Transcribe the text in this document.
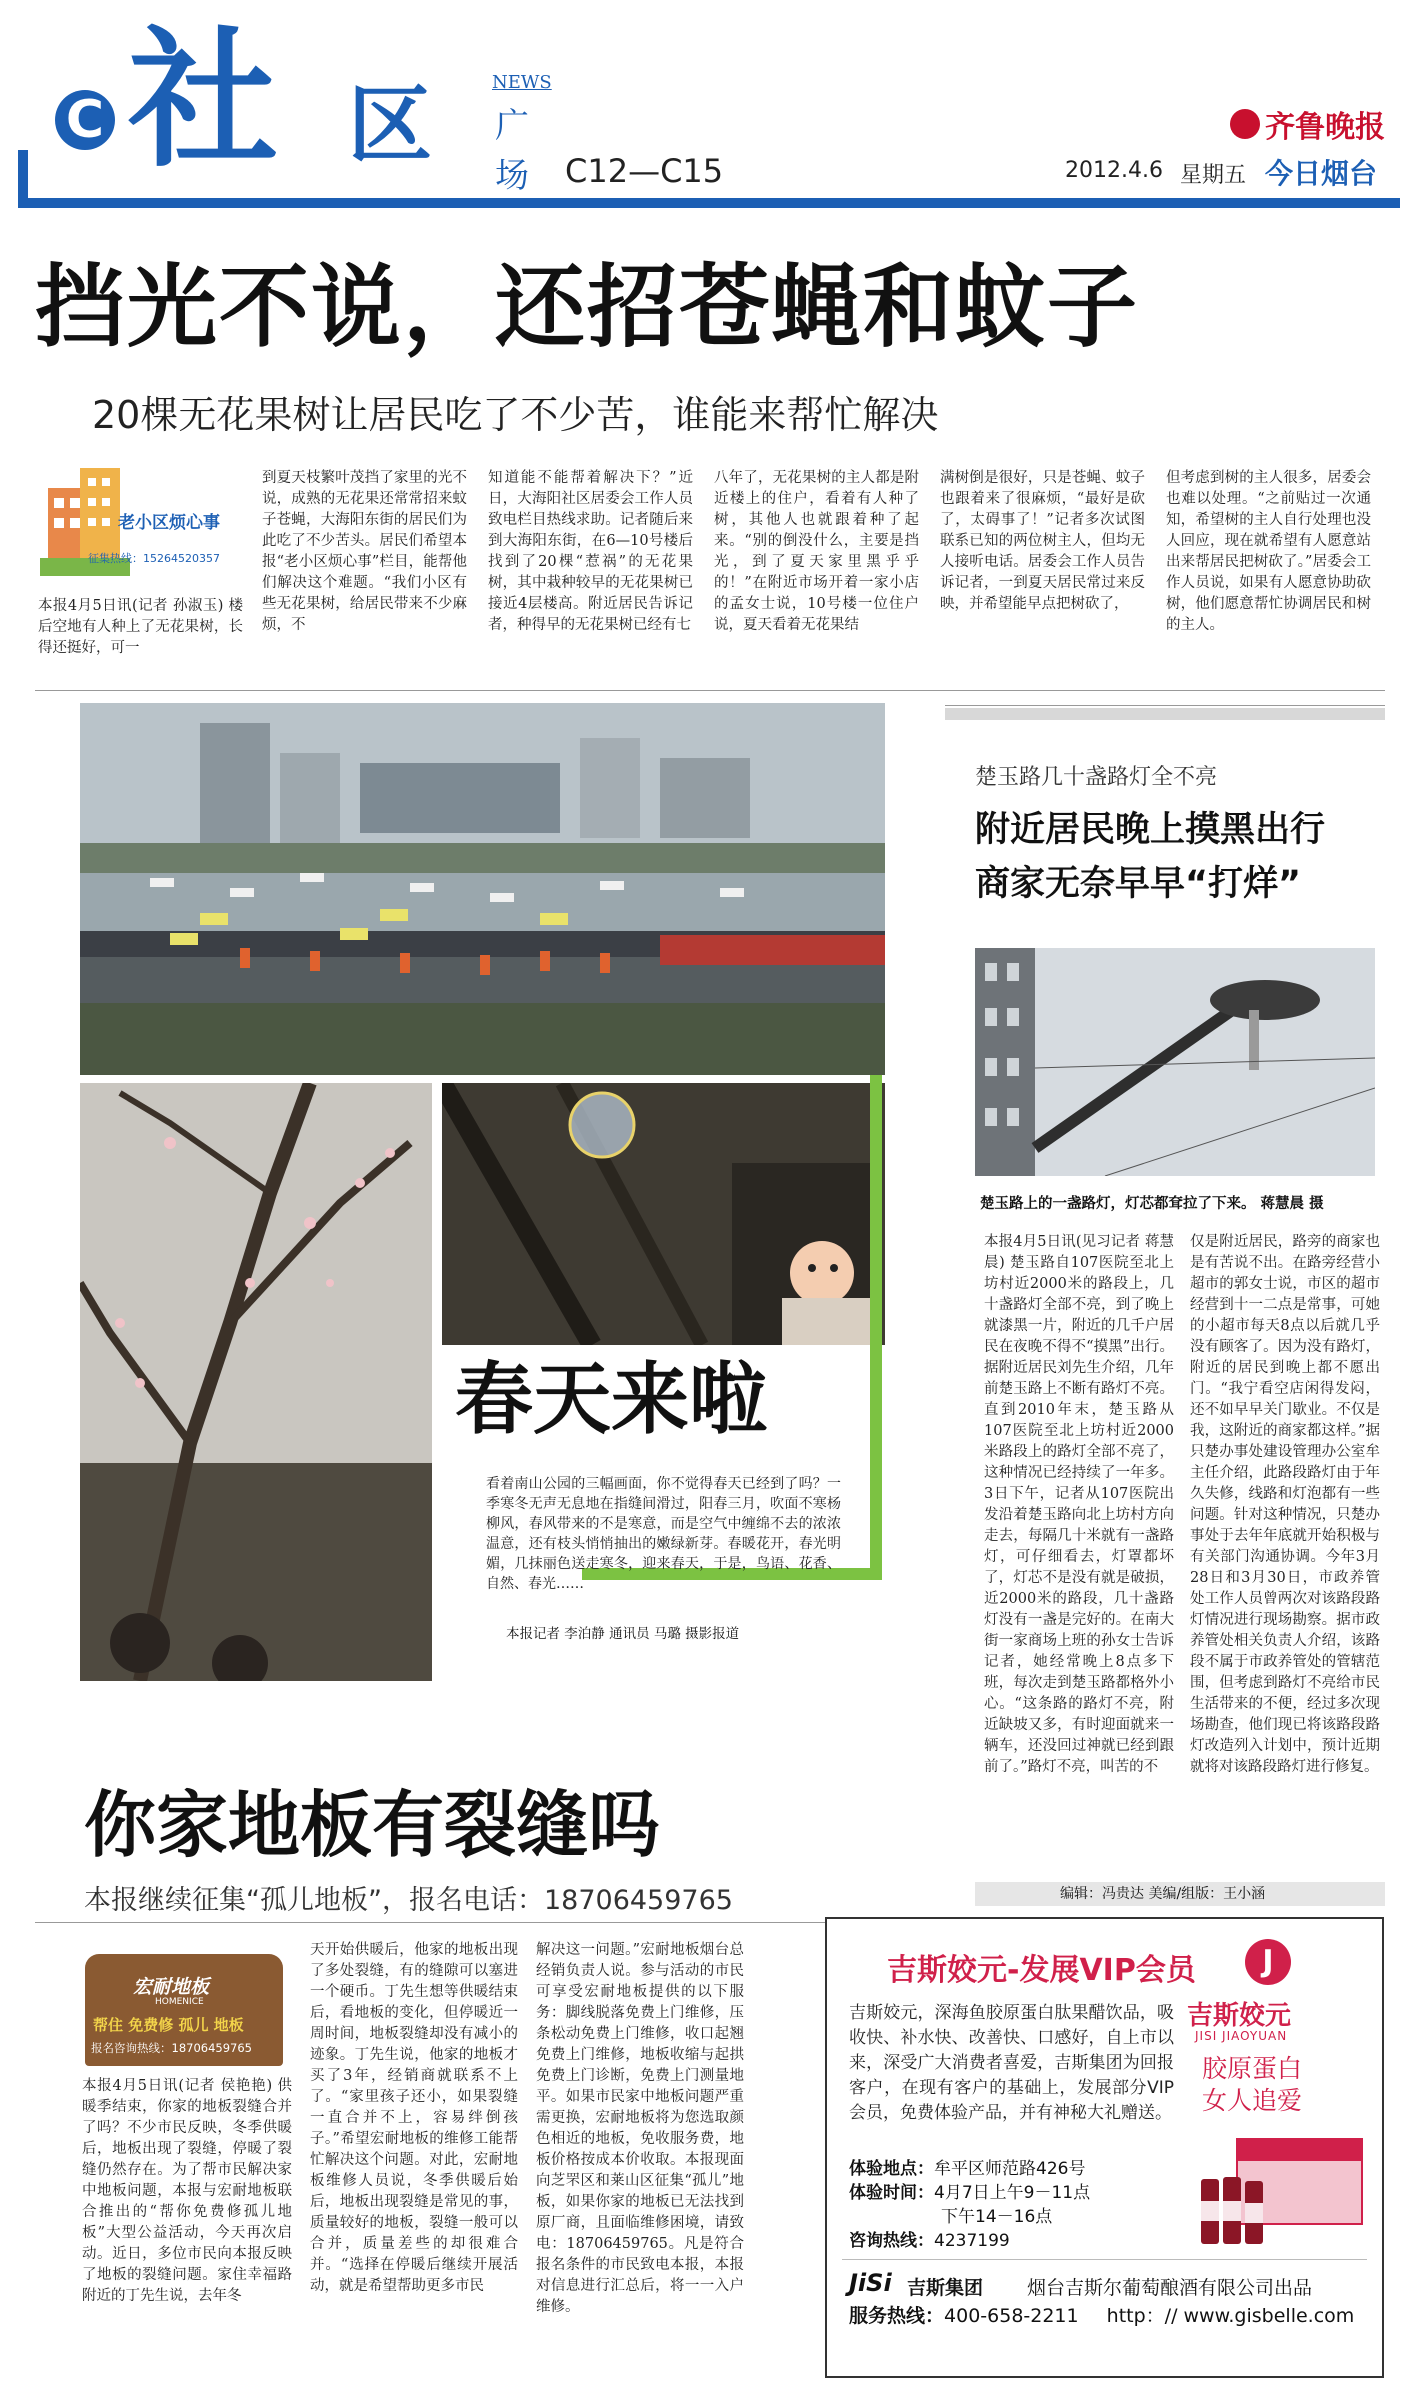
C 社 区	NEWS
广
场 C12—C15
齐鲁晚报
2012.4.6 星期五 今日烟台
挡光不说，还招苍蝇和蚊子
20棵无花果树让居民吃了不少苦，谁能来帮忙解决
老小区烦心事
征集热线：15264520357
本报4月5日讯(记者 孙淑玉) 楼后空地有人种上了无花果树，长得还挺好，可一
到夏天枝繁叶茂挡了家里的光不说，成熟的无花果还常常招来蚊子苍蝇，大海阳东街的居民们为此吃了不少苦头。居民们希望本报“老小区烦心事”栏目，能帮他们解决这个难题。“我们小区有些无花果树，给居民带来不少麻烦，不
知道能不能帮着解决下？”近日，大海阳社区居委会工作人员致电栏目热线求助。记者随后来到大海阳东街，在6—10号楼后找到了20棵“惹祸”的无花果树，其中栽种较早的无花果树已接近4层楼高。附近居民告诉记者，种得早的无花果树已经有七
八年了，无花果树的主人都是附近楼上的住户，看着有人种了树，其他人也就跟着种了起来。“别的倒没什么，主要是挡光，到了夏天家里黑乎乎的！”在附近市场开着一家小店的孟女士说，10号楼一位住户说，夏天看着无花果结
满树倒是很好，只是苍蝇、蚊子也跟着来了很麻烦，“最好是砍了，太碍事了！”记者多次试图联系已知的两位树主人，但均无人接听电话。居委会工作人员告诉记者，一到夏天居民常过来反映，并希望能早点把树砍了，
但考虑到树的主人很多，居委会也难以处理。“之前贴过一次通知，希望树的主人自行处理也没人回应，现在就希望有人愿意站出来帮居民把树砍了。”居委会工作人员说，如果有人愿意协助砍树，他们愿意帮忙协调居民和树的主人。
春天来啦
看着南山公园的三幅画面，你不觉得春天已经到了吗？一季寒冬无声无息地在指缝间滑过，阳春三月，吹面不寒杨柳风，春风带来的不是寒意，而是空气中缠绵不去的浓浓温意，还有枝头悄悄抽出的嫩绿新芽。春暖花开，春光明媚，几抹丽色送走寒冬，迎来春天，于是，鸟语、花香、自然、春光……
本报记者 李泊静 通讯员 马璐 摄影报道
楚玉路几十盏路灯全不亮
附近居民晚上摸黑出行
商家无奈早早“打烊”
楚玉路上的一盏路灯，灯芯都耷拉了下来。 蒋慧晨 摄
本报4月5日讯(见习记者 蒋慧晨) 楚玉路自107医院至北上坊村近2000米的路段上，几十盏路灯全部不亮，到了晚上就漆黑一片，附近的几千户居民在夜晚不得不“摸黑”出行。据附近居民刘先生介绍，几年前楚玉路上不断有路灯不亮。直到2010年末，楚玉路从107医院至北上坊村近2000米路段上的路灯全部不亮了，这种情况已经持续了一年多。3日下午，记者从107医院出发沿着楚玉路向北上坊村方向走去，每隔几十米就有一盏路灯，可仔细看去，灯罩都坏了，灯芯不是没有就是破损，近2000米的路段，几十盏路灯没有一盏是完好的。在南大街一家商场上班的孙女士告诉记者，她经常晚上8点多下班，每次走到楚玉路都格外小心。“这条路的路灯不亮，附近缺坡又多，有时迎面就来一辆车，还没回过神就已经到跟前了。”路灯不亮，叫苦的不
仅是附近居民，路旁的商家也是有苦说不出。在路旁经营小超市的郭女士说，市区的超市经营到十一二点是常事，可她的小超市每天8点以后就几乎没有顾客了。因为没有路灯，附近的居民到晚上都不愿出门。“我宁看空店闲得发闷，还不如早早关门歇业。不仅是我，这附近的商家都这样。”据只楚办事处建设管理办公室牟主任介绍，此路段路灯由于年久失修，线路和灯泡都有一些问题。针对这种情况，只楚办事处于去年年底就开始积极与有关部门沟通协调。今年3月28日和3月30日，市政养管处工作人员曾两次对该路段路灯情况进行现场勘察。据市政养管处相关负责人介绍，该路段不属于市政养管处的管辖范围，但考虑到路灯不亮给市民生活带来的不便，经过多次现场勘查，他们现已将该路段路灯改造列入计划中，预计近期就将对该路段路灯进行修复。
编辑：冯贵达 美编/组版：王小涵
你家地板有裂缝吗
本报继续征集“孤儿地板”，报名电话：18706459765
宏耐地板
HOMENICE
帮住 免费修 孤儿 地板
报名咨询热线：18706459765
本报4月5日讯(记者 侯艳艳) 供暖季结束，你家的地板裂缝合并了吗？不少市民反映，冬季供暖后，地板出现了裂缝，停暖了裂缝仍然存在。为了帮市民解决家中地板问题，本报与宏耐地板联合推出的“帮你免费修孤儿地板”大型公益活动，今天再次启动。近日，多位市民向本报反映了地板的裂缝问题。家住幸福路附近的丁先生说，去年冬
天开始供暖后，他家的地板出现了多处裂缝，有的缝隙可以塞进一个硬币。丁先生想等供暖结束后，看地板的变化，但停暖近一周时间，地板裂缝却没有减小的迹象。丁先生说，他家的地板才买了3年，经销商就联系不上了。“家里孩子还小，如果裂缝一直合并不上，容易绊倒孩子。”希望宏耐地板的维修工能帮忙解决这个问题。对此，宏耐地板维修人员说，冬季供暖后始后，地板出现裂缝是常见的事，质量较好的地板，裂缝一般可以合并，质量差些的却很难合并。“选择在停暖后继续开展活动，就是希望帮助更多市民
解决这一问题。”宏耐地板烟台总经销负责人说。参与活动的市民可享受宏耐地板提供的以下服务：脚线脱落免费上门维修，压条松动免费上门维修，收口起翘免费上门维修，地板收缩与起拱免费上门诊断，免费上门测量地平。如果市民家中地板问题严重需更换，宏耐地板将为您选取颜色相近的地板，免收服务费，地板价格按成本价收取。本报现面向芝罘区和莱山区征集“孤儿”地板，如果你家的地板已无法找到原厂商，且面临维修困境，请致电：18706459765。凡是符合报名条件的市民致电本报，本报对信息进行汇总后，将一一入户维修。
吉斯姣元-发展VIP会员
吉斯姣元，深海鱼胶原蛋白肽果醋饮品，吸收快、补水快、改善快、口感好，自上市以来，深受广大消费者喜爱，吉斯集团为回报客户，在现有客户的基础上，发展部分VIP会员，免费体验产品，并有神秘大礼赠送。
体验地点：牟平区师范路426号
体验时间：4月7日上午9－11点
下午14－16点
咨询热线：4237199
J
吉斯姣元
JISI JIAOYUAN
胶原蛋白
女人追爱
JiSi 吉斯集团 烟台吉斯尔葡萄酿酒有限公司出品
服务热线：400-658-2211 http：// www.gisbelle.com
